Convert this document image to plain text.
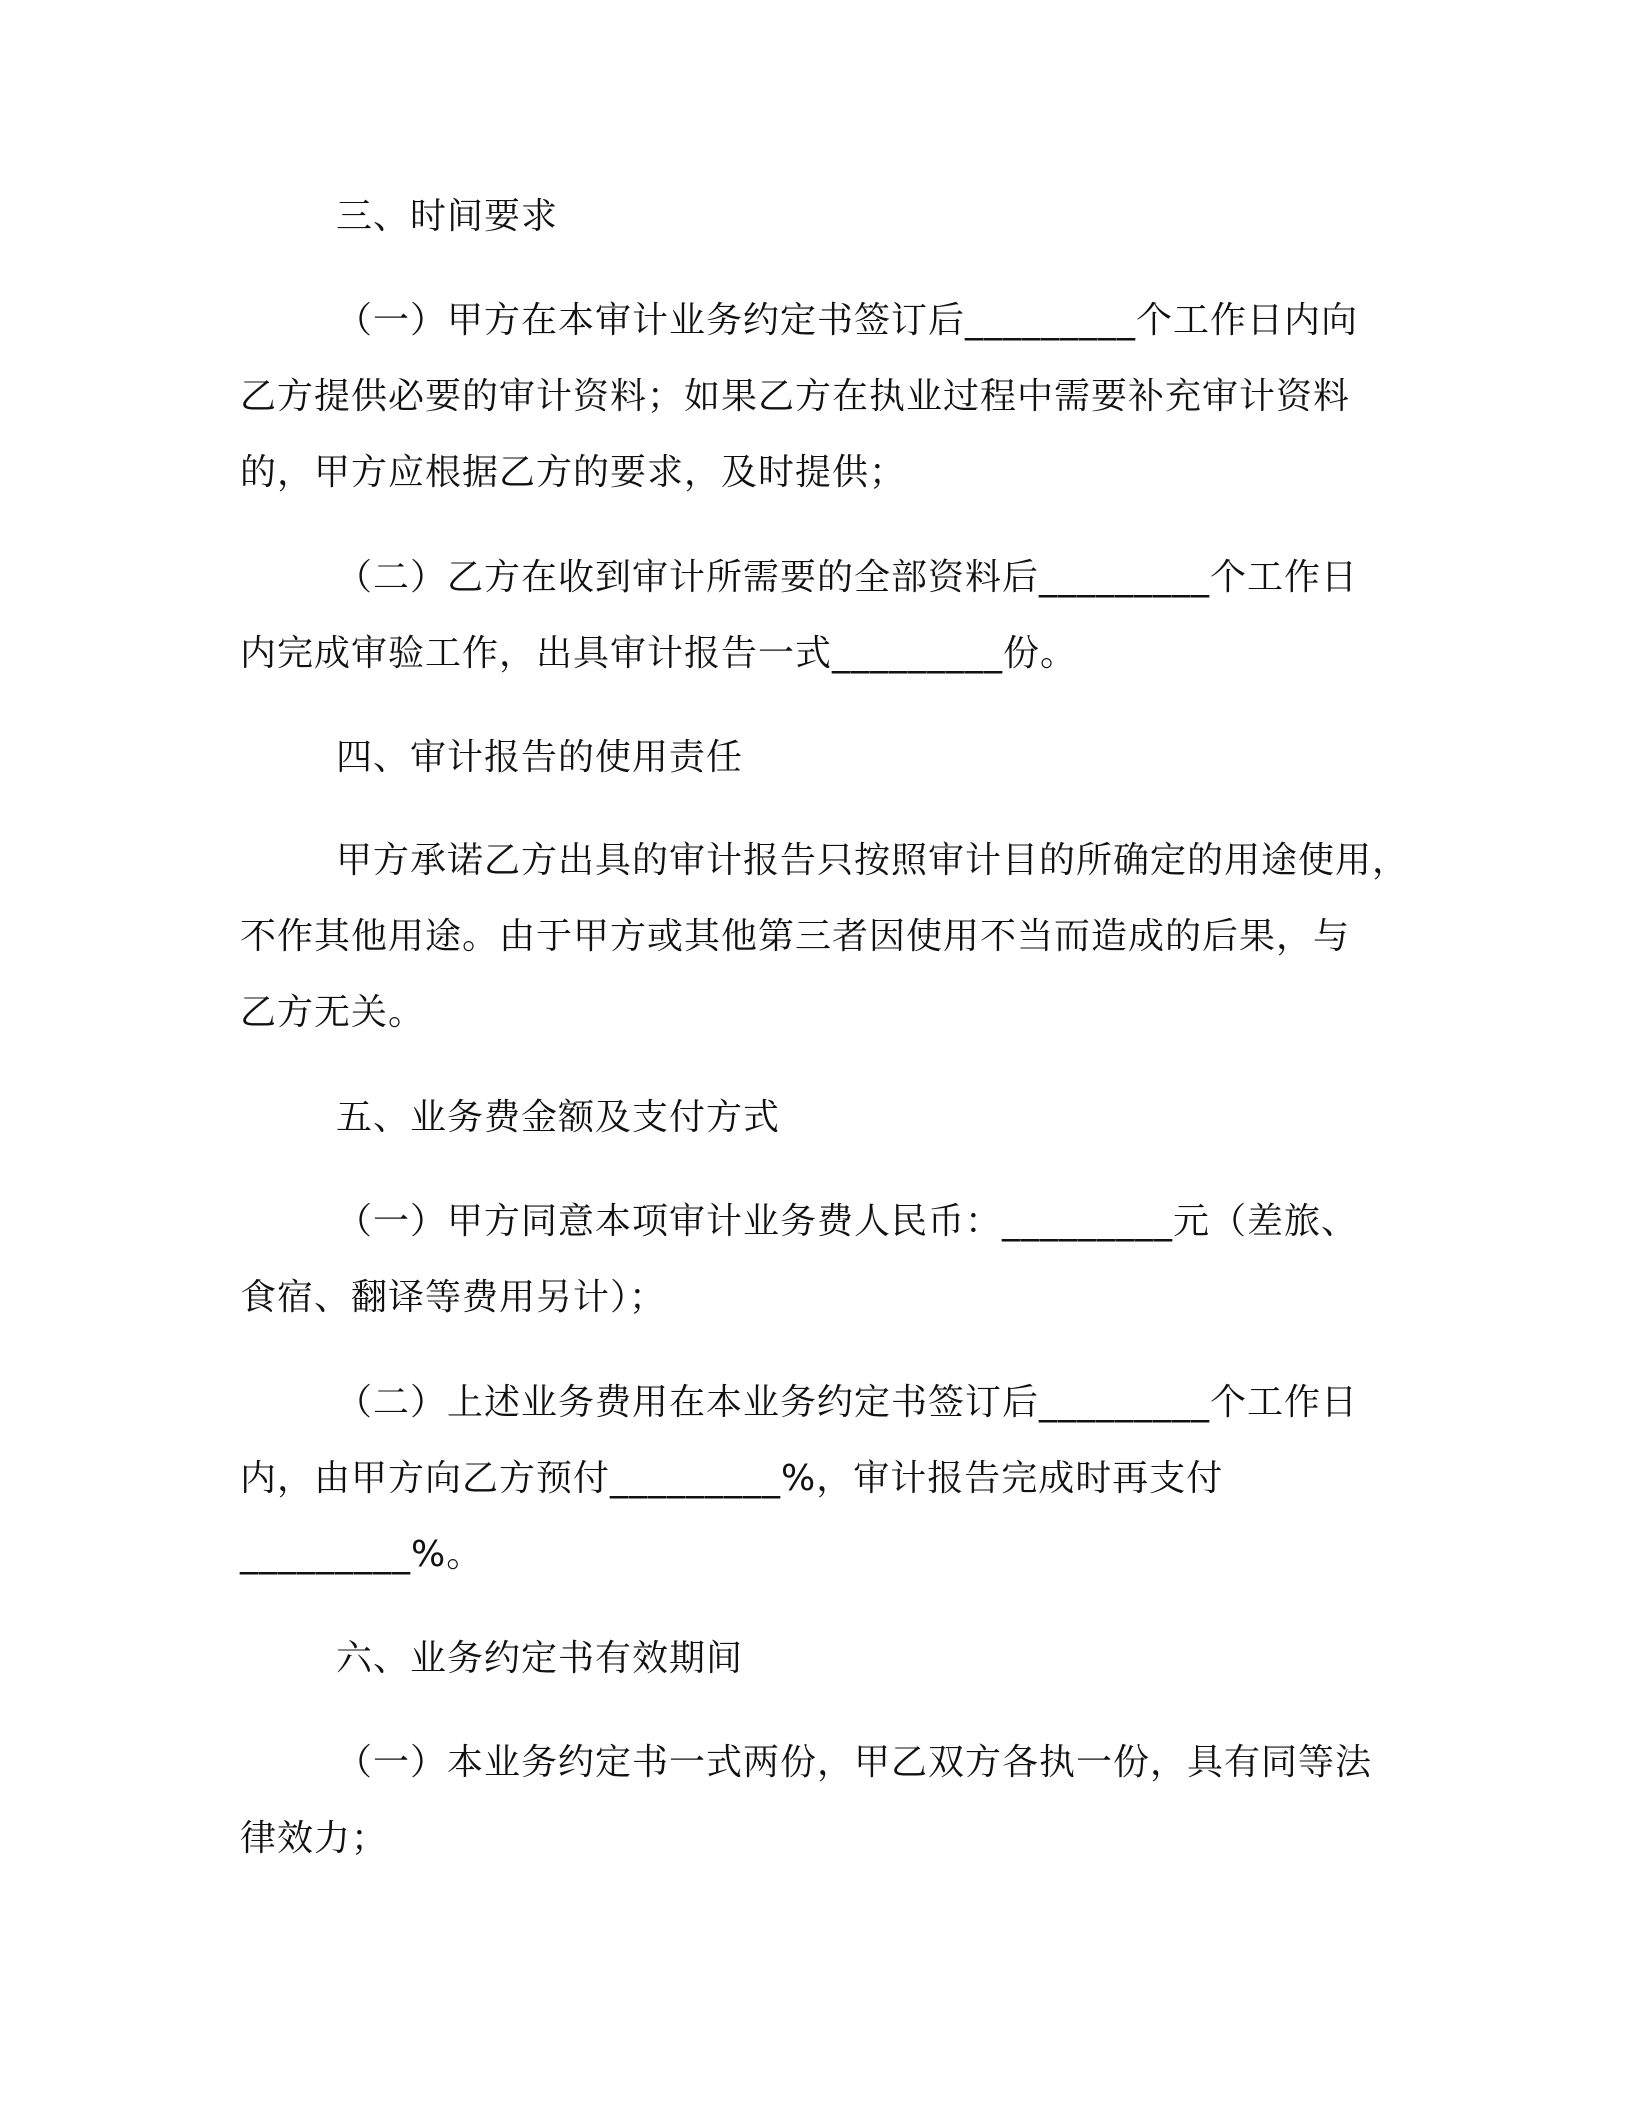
三、时间要求
（一）甲方在本审计业务约定书签订后_________个工作日内向
乙方提供必要的审计资料；如果乙方在执业过程中需要补充审计资料
的，甲方应根据乙方的要求，及时提供；
（二）乙方在收到审计所需要的全部资料后_________个工作日
内完成审验工作，出具审计报告一式_________份。
四、审计报告的使用责任
甲方承诺乙方出具的审计报告只按照审计目的所确定的用途使用，
不作其他用途。由于甲方或其他第三者因使用不当而造成的后果，与
乙方无关。
五、业务费金额及支付方式
（一）甲方同意本项审计业务费人民币：_________元（差旅、
食宿、翻译等费用另计）；
（二）上述业务费用在本业务约定书签订后_________个工作日
内，由甲方向乙方预付_________%，审计报告完成时再支付
_________%。
六、业务约定书有效期间
（一）本业务约定书一式两份，甲乙双方各执一份，具有同等法
律效力；
